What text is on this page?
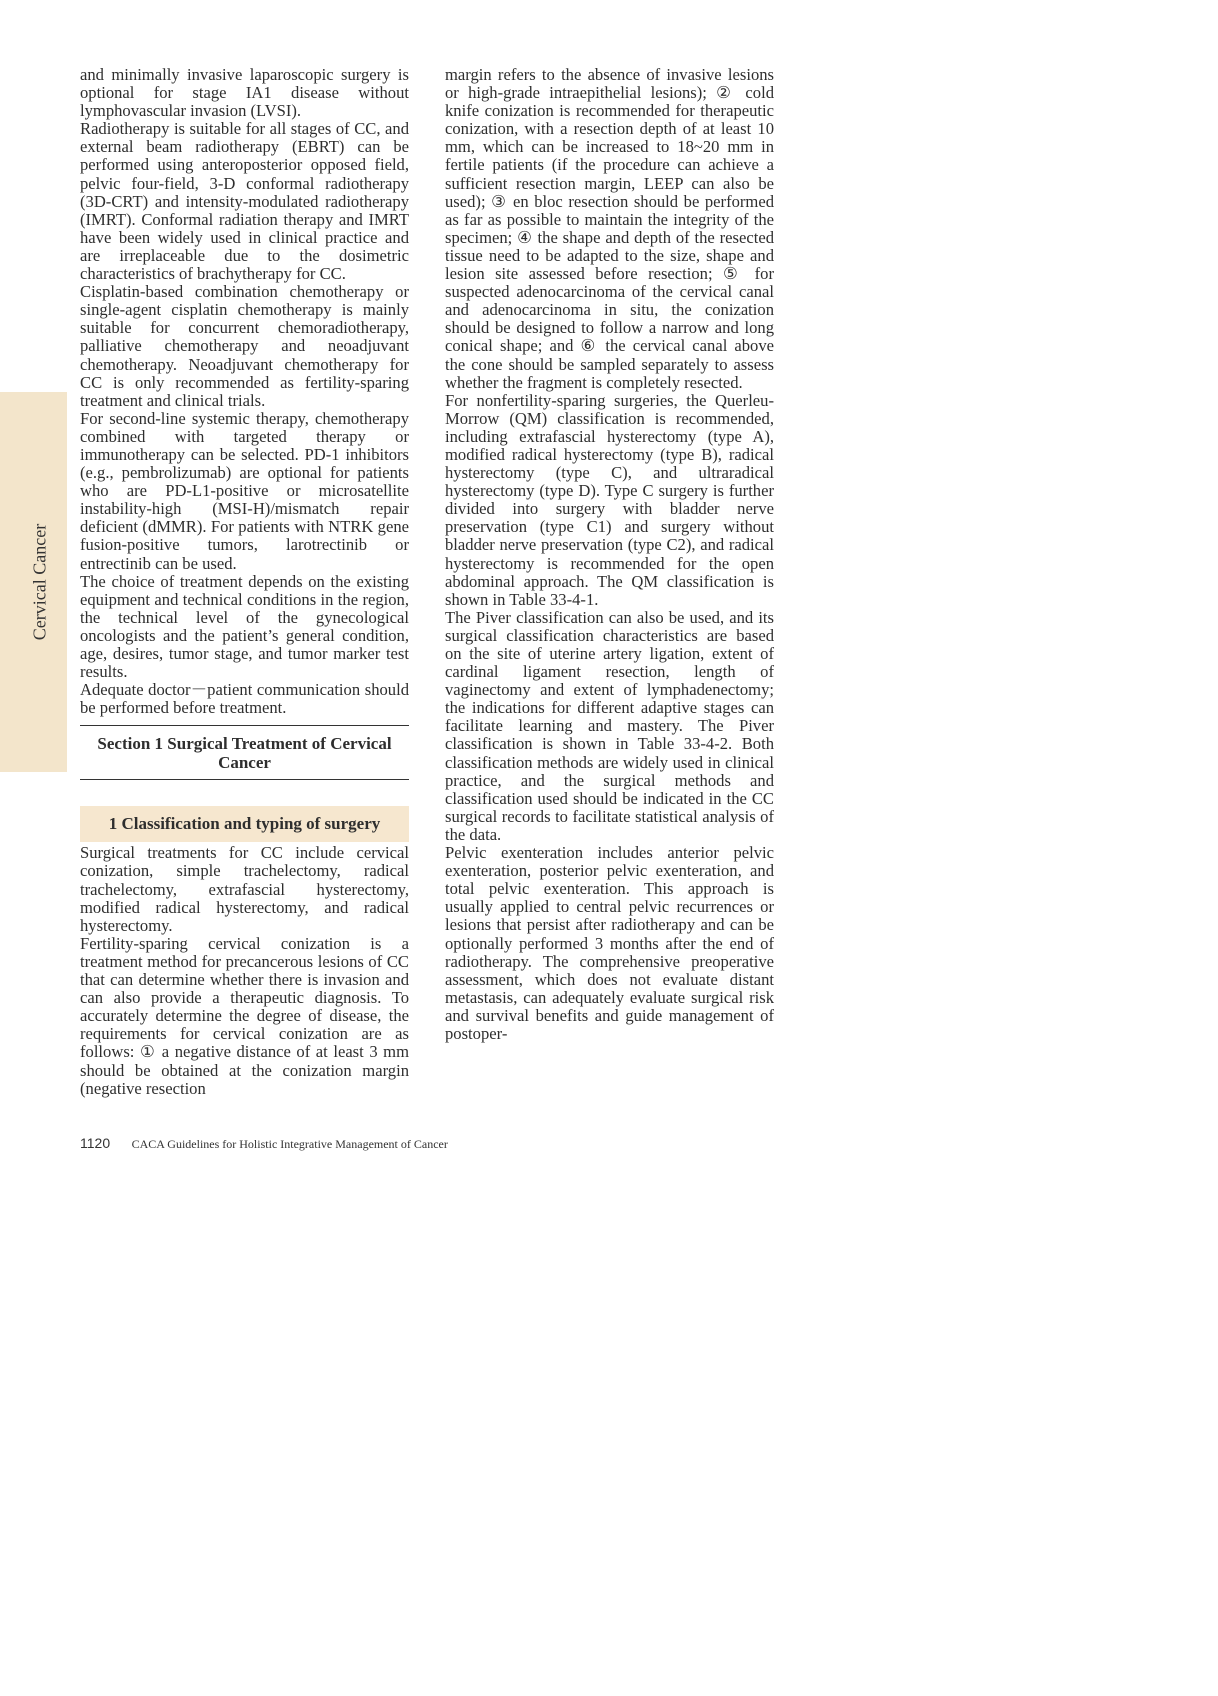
Cervical Cancer

and minimally invasive laparoscopic surgery is optional for stage IA1 disease without lymphovascular invasion (LVSI).

Radiotherapy is suitable for all stages of CC, and external beam radiotherapy (EBRT) can be performed using anteroposterior opposed field, pelvic four-field, 3-D conformal radiotherapy (3D-CRT) and intensity-modulated radiotherapy (IMRT). Conformal radiation therapy and IMRT have been widely used in clinical practice and are irreplaceable due to the dosimetric characteristics of brachytherapy for CC.

Cisplatin-based combination chemotherapy or single-agent cisplatin chemotherapy is mainly suitable for concurrent chemoradiotherapy, palliative chemotherapy and neoadjuvant chemotherapy. Neoadjuvant chemotherapy for CC is only recommended as fertility-sparing treatment and clinical trials.

For second-line systemic therapy, chemotherapy combined with targeted therapy or immunotherapy can be selected. PD-1 inhibitors (e.g., pembrolizumab) are optional for patients who are PD-L1-positive or microsatellite instability-high (MSI-H)/mismatch repair deficient (dMMR). For patients with NTRK gene fusion-positive tumors, larotrectinib or entrectinib can be used.

The choice of treatment depends on the existing equipment and technical conditions in the region, the technical level of the gynecological oncologists and the patient’s general condition, age, desires, tumor stage, and tumor marker test results.

Adequate doctor－patient communication should be performed before treatment.

Section 1 Surgical Treatment of Cervical Cancer
1 Classification and typing of surgery

Surgical treatments for CC include cervical conization, simple trachelectomy, radical trachelectomy, extrafascial hysterectomy, modified radical hysterectomy, and radical hysterectomy.

Fertility-sparing cervical conization is a treatment method for precancerous lesions of CC that can determine whether there is invasion and can also provide a therapeutic diagnosis. To accurately determine the degree of disease, the requirements for cervical conization are as follows: ① a negative distance of at least 3 mm should be obtained at the conization margin (negative resection

margin refers to the absence of invasive lesions or high-grade intraepithelial lesions); ② cold knife conization is recommended for therapeutic conization, with a resection depth of at least 10 mm, which can be increased to 18~20 mm in fertile patients (if the procedure can achieve a sufficient resection margin, LEEP can also be used); ③ en bloc resection should be performed as far as possible to maintain the integrity of the specimen; ④ the shape and depth of the resected tissue need to be adapted to the size, shape and lesion site assessed before resection; ⑤ for suspected adenocarcinoma of the cervical canal and adenocarcinoma in situ, the conization should be designed to follow a narrow and long conical shape; and ⑥ the cervical canal above the cone should be sampled separately to assess whether the fragment is completely resected.

For nonfertility-sparing surgeries, the Querleu-Morrow (QM) classification is recommended, including extrafascial hysterectomy (type A), modified radical hysterectomy (type B), radical hysterectomy (type C), and ultraradical hysterectomy (type D). Type C surgery is further divided into surgery with bladder nerve preservation (type C1) and surgery without bladder nerve preservation (type C2), and radical hysterectomy is recommended for the open abdominal approach. The QM classification is shown in Table 33-4-1.

The Piver classification can also be used, and its surgical classification characteristics are based on the site of uterine artery ligation, extent of cardinal ligament resection, length of vaginectomy and extent of lymphadenectomy; the indications for different adaptive stages can facilitate learning and mastery. The Piver classification is shown in Table 33-4-2. Both classification methods are widely used in clinical practice, and the surgical methods and classification used should be indicated in the CC surgical records to facilitate statistical analysis of the data.

Pelvic exenteration includes anterior pelvic exenteration, posterior pelvic exenteration, and total pelvic exenteration. This approach is usually applied to central pelvic recurrences or lesions that persist after radiotherapy and can be optionally performed 3 months after the end of radiotherapy. The comprehensive preoperative assessment, which does not evaluate distant metastasis, can adequately evaluate surgical risk and survival benefits and guide management of postoper-

1120 CACA Guidelines for Holistic Integrative Management of Cancer
